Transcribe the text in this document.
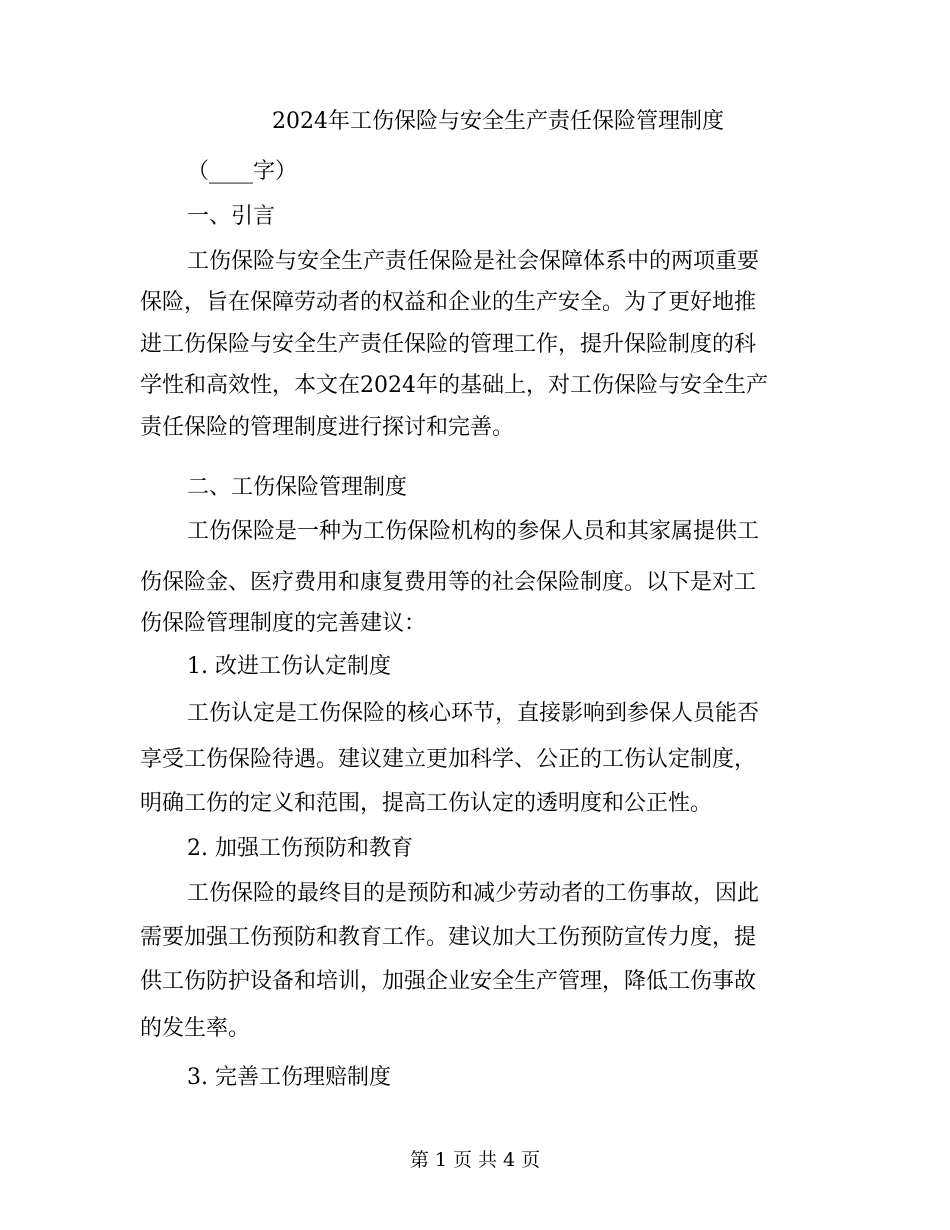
2024年工伤保险与安全生产责任保险管理制度
（____字）
一、引言
工伤保险与安全生产责任保险是社会保障体系中的两项重要
保险，旨在保障劳动者的权益和企业的生产安全。为了更好地推
进工伤保险与安全生产责任保险的管理工作，提升保险制度的科
学性和高效性，本文在2024年的基础上，对工伤保险与安全生产
责任保险的管理制度进行探讨和完善。
二、工伤保险管理制度
工伤保险是一种为工伤保险机构的参保人员和其家属提供工
伤保险金、医疗费用和康复费用等的社会保险制度。以下是对工
伤保险管理制度的完善建议：
1. 改进工伤认定制度
工伤认定是工伤保险的核心环节，直接影响到参保人员能否
享受工伤保险待遇。建议建立更加科学、公正的工伤认定制度，
明确工伤的定义和范围，提高工伤认定的透明度和公正性。
2. 加强工伤预防和教育
工伤保险的最终目的是预防和减少劳动者的工伤事故，因此
需要加强工伤预防和教育工作。建议加大工伤预防宣传力度，提
供工伤防护设备和培训，加强企业安全生产管理，降低工伤事故
的发生率。
3. 完善工伤理赔制度
第 1 页 共 4 页
